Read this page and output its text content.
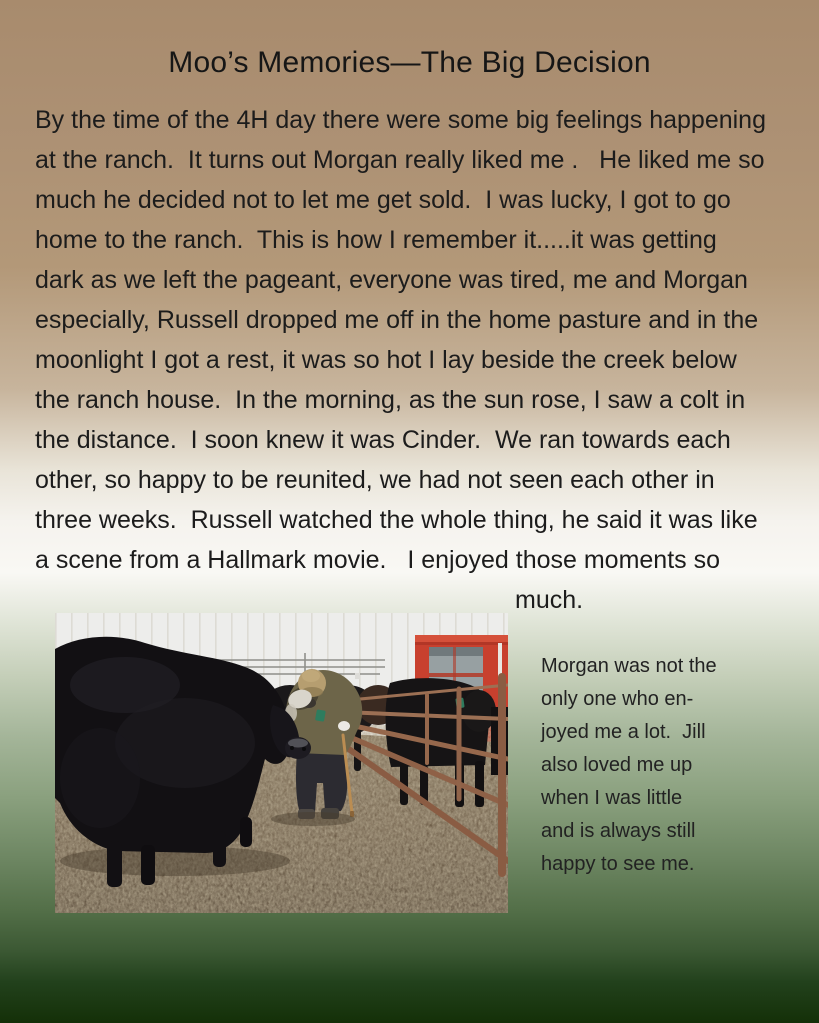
Moo’s Memories—The Big Decision
By the time of the 4H day there were some big feelings happening
at the ranch.  It turns out Morgan really liked me .   He liked me so
much he decided not to let me get sold.  I was lucky, I got to go
home to the ranch.  This is how I remember it.....it was getting
dark as we left the pageant, everyone was tired, me and Morgan
especially, Russell dropped me off in the home pasture and in the
moonlight I got a rest, it was so hot I lay beside the creek below
the ranch house.  In the morning, as the sun rose, I saw a colt in
the distance.  I soon knew it was Cinder.  We ran towards each
other, so happy to be reunited, we had not seen each other in
three weeks.  Russell watched the whole thing, he said it was like
a scene from a Hallmark movie.   I enjoyed those moments so
much.
Morgan was not the
only one who en-
joyed me a lot.  Jill
also loved me up
when I was little
and is always still
happy to see me.
